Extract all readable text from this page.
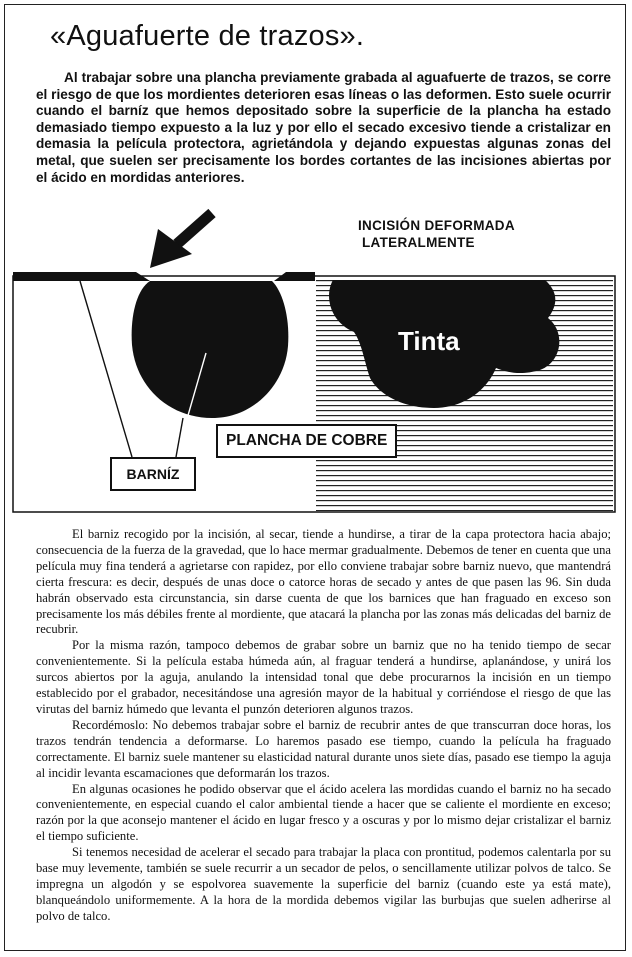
«Aguafuerte de trazos».

Al trabajar sobre una plancha previamente grabada al aguafuerte de trazos, se corre el riesgo de que los mordientes deterioren esas líneas o las deformen. Esto suele ocurrir cuando el barníz que hemos depositado sobre la superficie de la plancha ha estado demasiado tiempo expuesto a la luz y por ello el secado excesivo tiende a cristalizar en demasia la película protectora, agrietándola y dejando expuestas algunas zonas del metal, que suelen ser precisamente los bordes cortantes de las incisiones abiertas por el ácido en mordidas anteriores.

INCISIÓN DEFORMADA
LATERALMENTE
Tinta
PLANCHA DE COBRE
BARNÍZ

El barniz recogido por la incisión, al secar, tiende a hundirse, a tirar de la capa protectora hacia abajo; consecuencia de la fuerza de la gravedad, que lo hace mermar gradualmente. Debemos de tener en cuenta que una película muy fina tenderá a agrietarse con rapidez, por ello conviene trabajar sobre barniz nuevo, que mantendrá cierta frescura: es decir, después de unas doce o catorce horas de secado y antes de que pasen las 96. Sin duda habrán observado esta circunstancia, sin darse cuenta de que los barnices que han fraguado en exceso son precisamente los más débiles frente al mordiente, que atacará la plancha por las zonas más delicadas del barniz de recubrir.

Por la misma razón, tampoco debemos de grabar sobre un barniz que no ha tenido tiempo de secar convenientemente. Si la película estaba húmeda aún, al fraguar tenderá a hundirse, aplanándose, y unirá los surcos abiertos por la aguja, anulando la intensidad tonal que debe procurarnos la incisión en un tiempo establecido por el grabador, necesitándose una agresión mayor de la habitual y corriéndose el riesgo de que las virutas del barniz húmedo que levanta el punzón deterioren algunos trazos.

Recordémoslo: No debemos trabajar sobre el barniz de recubrir antes de que transcurran doce horas, los trazos tendrán tendencia a deformarse. Lo haremos pasado ese tiempo, cuando la película ha fraguado correctamente. El barniz suele mantener su elasticidad natural durante unos siete días, pasado ese tiempo la aguja al incidir levanta escamaciones que deformarán los trazos.

En algunas ocasiones he podido observar que el ácido acelera las mordidas cuando el barniz no ha secado convenientemente, en especial cuando el calor ambiental tiende a hacer que se caliente el mordiente en exceso; razón por la que aconsejo mantener el ácido en lugar fresco y a oscuras y por lo mismo dejar cristalizar el barniz el tiempo suficiente.

Si tenemos necesidad de acelerar el secado para trabajar la placa con prontitud, podemos calentarla por su base muy levemente, también se suele recurrir a un secador de pelos, o sencillamente utilizar polvos de talco. Se impregna un algodón y se espolvorea suavemente la superficie del barniz (cuando este ya está mate), blanqueándolo uniformemente. A la hora de la mordida debemos vigilar las burbujas que suelen adherirse al polvo de talco.
